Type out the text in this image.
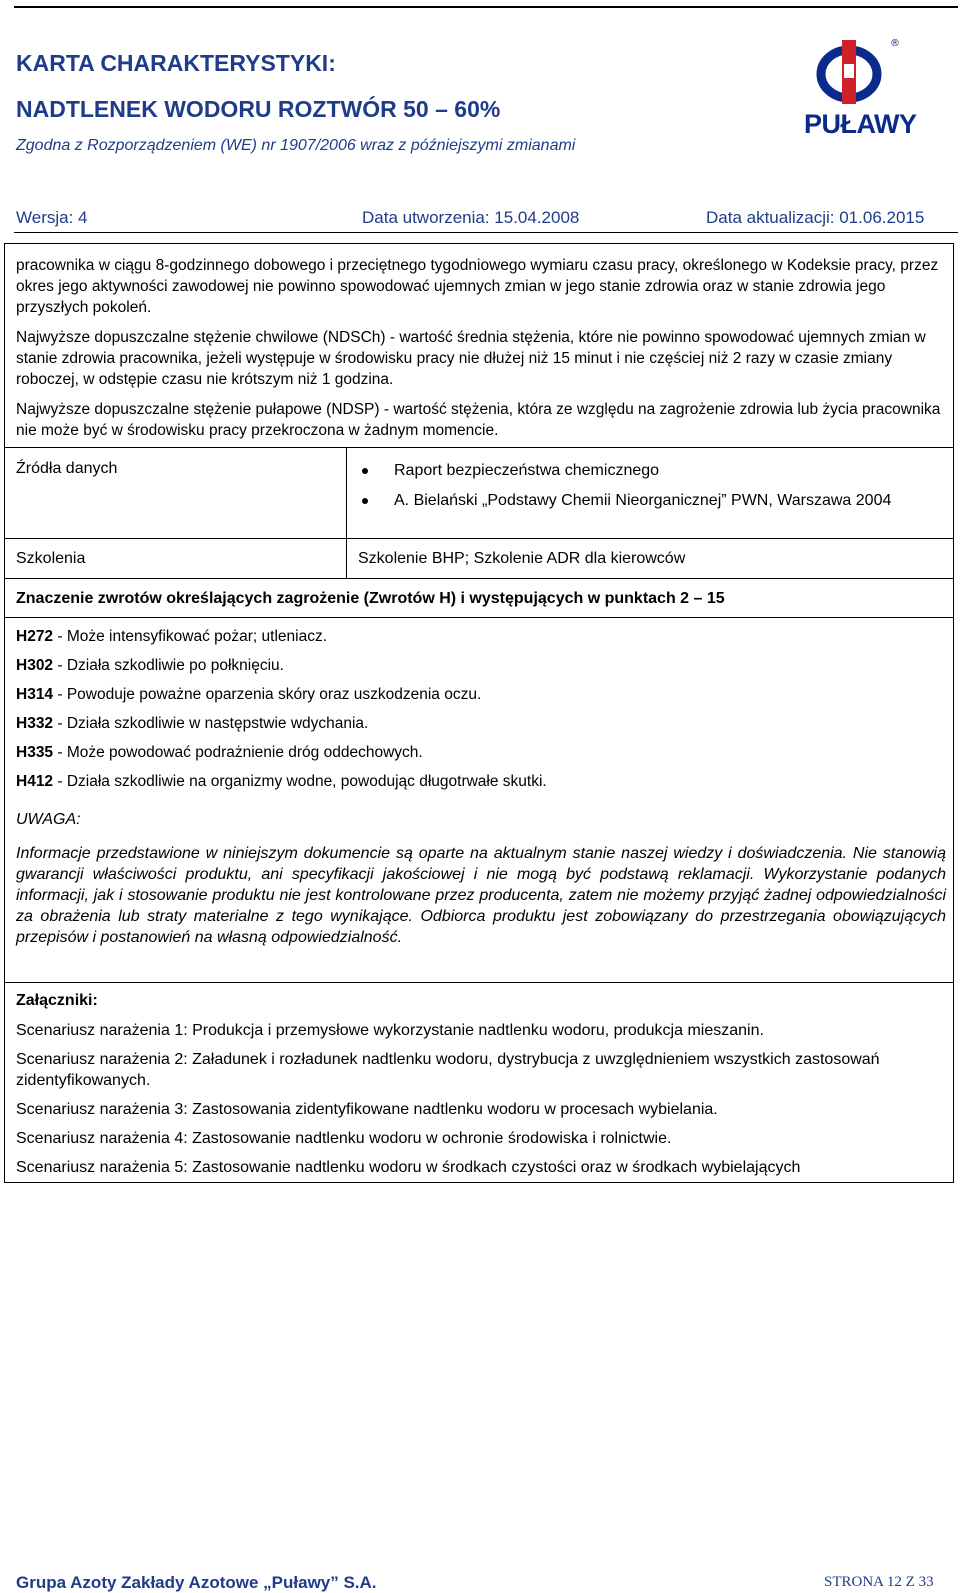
KARTA CHARAKTERYSTYKI:
NADTLENEK WODORU ROZTWÓR 50 – 60%
Zgodna z Rozporządzeniem (WE) nr 1907/2006 wraz z późniejszymi zmianami
®
PUŁAWY
Wersja: 4	Data utworzenia: 15.04.2008	Data aktualizacji: 01.06.2015
pracownika w ciągu 8-godzinnego dobowego i przeciętnego tygodniowego wymiaru czasu pracy, określonego w Kodeksie pracy, przez okres jego aktywności zawodowej nie powinno spowodować ujemnych zmian w jego stanie zdrowia oraz w stanie zdrowia jego przyszłych pokoleń.
Najwyższe dopuszczalne stężenie chwilowe (NDSCh) - wartość średnia stężenia, które nie powinno spowodować ujemnych zmian w stanie zdrowia pracownika, jeżeli występuje w środowisku pracy nie dłużej niż 15 minut i nie częściej niż 2 razy w czasie zmiany roboczej, w odstępie czasu nie krótszym niż 1 godzina.
Najwyższe dopuszczalne stężenie pułapowe (NDSP) - wartość stężenia, która ze względu na zagrożenie zdrowia lub życia pracownika nie może być w środowisku pracy przekroczona w żadnym momencie.
Źródła danych	Raport bezpieczeństwa chemicznego
A. Bielański „Podstawy Chemii Nieorganicznej” PWN, Warszawa 2004
Szkolenia	Szkolenie BHP; Szkolenie ADR dla kierowców
Znaczenie zwrotów określających zagrożenie (Zwrotów H) i występujących w punktach 2 – 15
H272 - Może intensyfikować pożar; utleniacz.
H302 - Działa szkodliwie po połknięciu.
H314 - Powoduje poważne oparzenia skóry oraz uszkodzenia oczu.
H332 - Działa szkodliwie w następstwie wdychania.
H335 - Może powodować podrażnienie dróg oddechowych.
H412 - Działa szkodliwie na organizmy wodne, powodując długotrwałe skutki.
UWAGA:
Informacje przedstawione w niniejszym dokumencie są oparte na aktualnym stanie naszej wiedzy i doświadczenia. Nie stanowią gwarancji właściwości produktu, ani specyfikacji jakościowej i nie mogą być podstawą reklamacji. Wykorzystanie podanych informacji, jak i stosowanie produktu nie jest kontrolowane przez producenta, zatem nie możemy przyjąć żadnej odpowiedzialności za obrażenia lub straty materialne z tego wynikające. Odbiorca produktu jest zobowiązany do przestrzegania obowiązujących przepisów i postanowień na własną odpowiedzialność.
Załączniki:
Scenariusz narażenia 1: Produkcja i przemysłowe wykorzystanie nadtlenku wodoru, produkcja mieszanin.
Scenariusz narażenia 2: Załadunek i rozładunek nadtlenku wodoru, dystrybucja z uwzględnieniem wszystkich zastosowań zidentyfikowanych.
Scenariusz narażenia 3: Zastosowania zidentyfikowane nadtlenku wodoru w procesach wybielania.
Scenariusz narażenia 4: Zastosowanie nadtlenku wodoru w ochronie środowiska i rolnictwie.
Scenariusz narażenia 5: Zastosowanie nadtlenku wodoru w środkach czystości oraz w środkach wybielających
Grupa Azoty Zakłady Azotowe „Puławy” S.A.	STRONA 12 Z 33
